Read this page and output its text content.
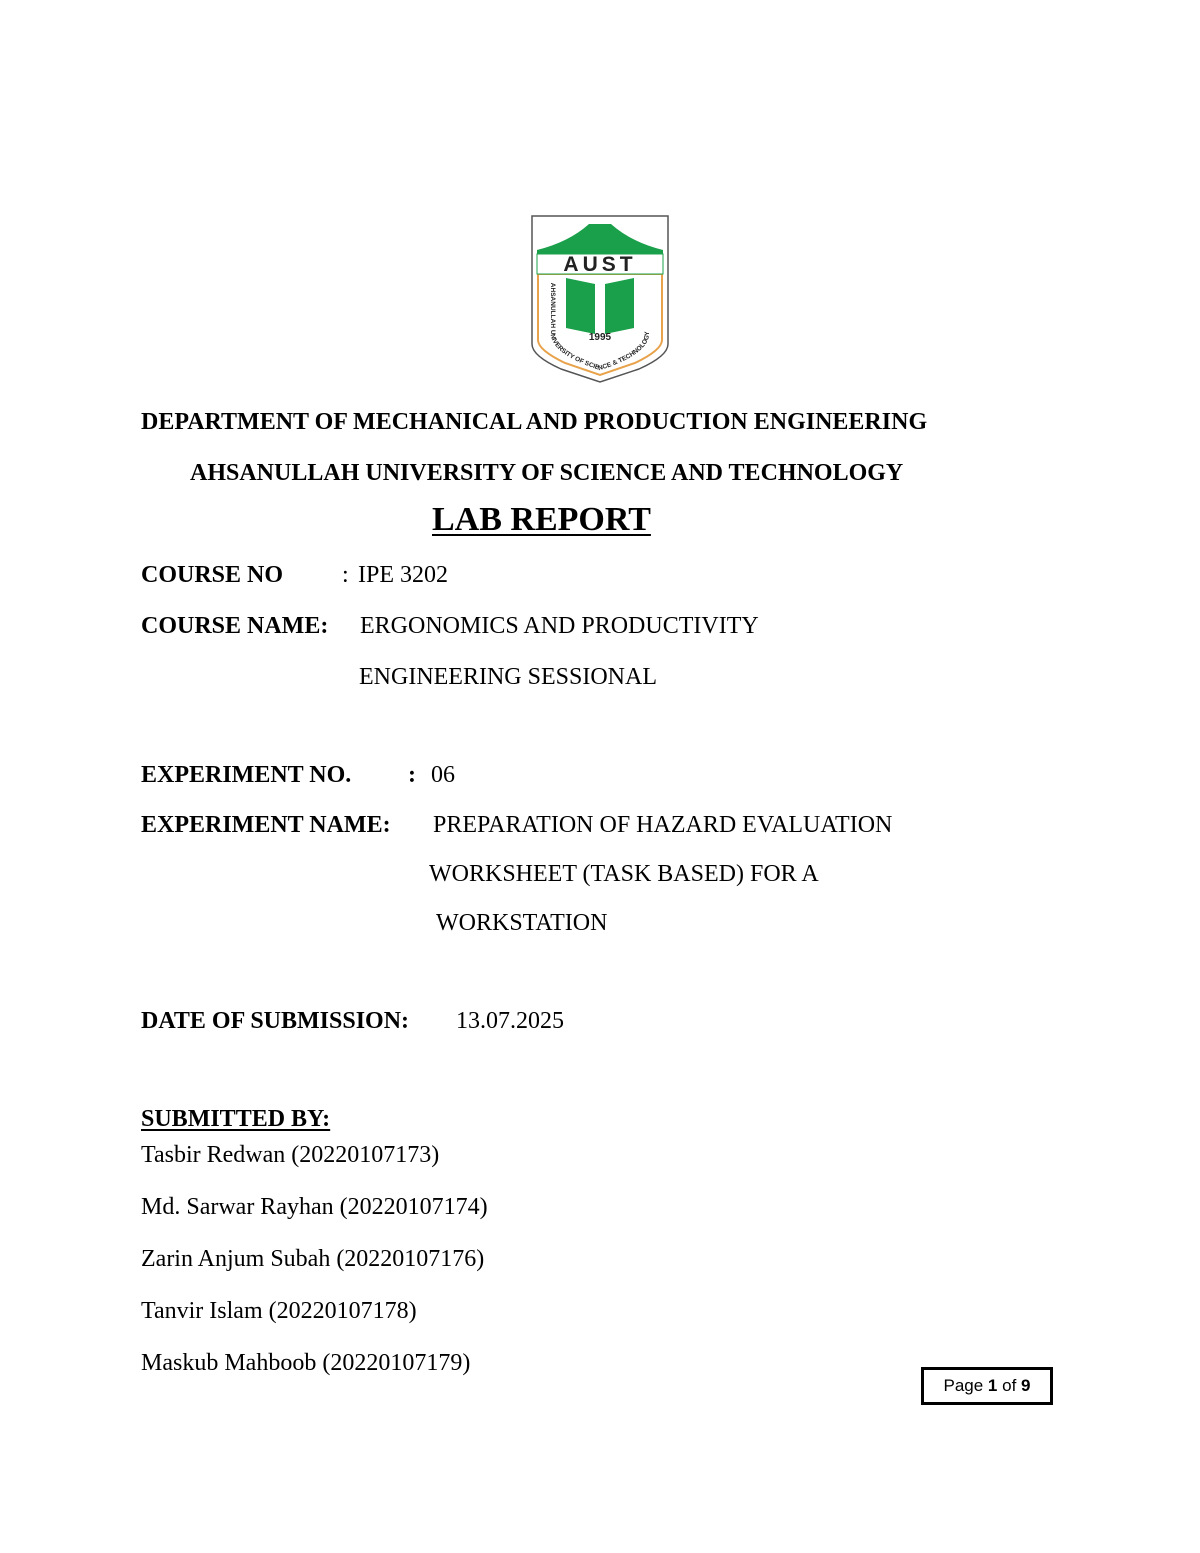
AUST
1995
AHSANULLAH UNIVERSITY OF SCIENCE & TECHNOLOGY
DEPARTMENT OF MECHANICAL AND PRODUCTION ENGINEERING
AHSANULLAH UNIVERSITY OF SCIENCE AND TECHNOLOGY
LAB REPORT
COURSE NO : IPE 3202
COURSE NAME: ERGONOMICS AND PRODUCTIVITY
ENGINEERING SESSIONAL
EXPERIMENT NO. : 06
EXPERIMENT NAME: PREPARATION OF HAZARD EVALUATION
WORKSHEET (TASK BASED) FOR A
WORKSTATION
DATE OF SUBMISSION: 13.07.2025
SUBMITTED BY:
Tasbir Redwan (20220107173)
Md. Sarwar Rayhan (20220107174)
Zarin Anjum Subah (20220107176)
Tanvir Islam (20220107178)
Maskub Mahboob (20220107179)
Page
1
of
9
